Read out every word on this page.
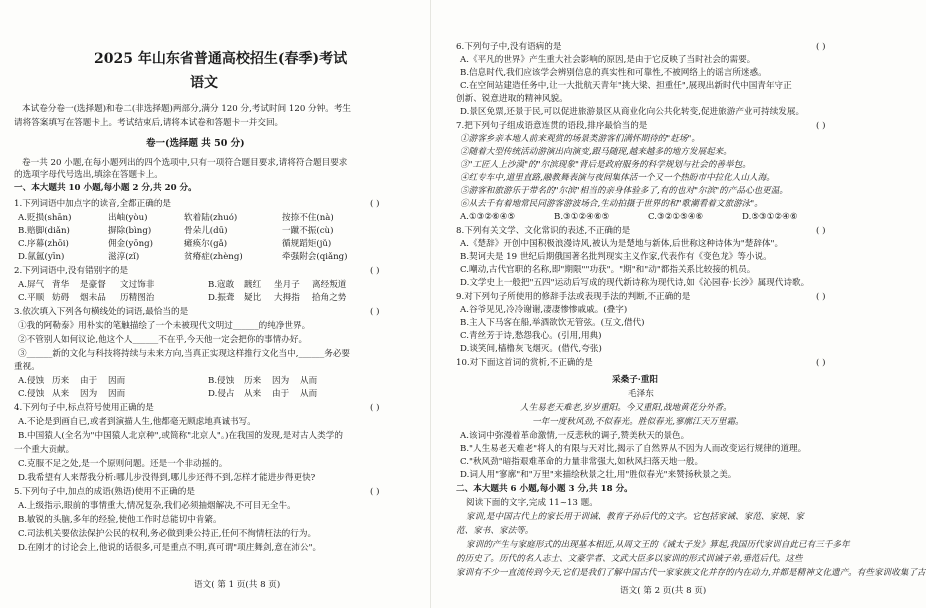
2025 年山东省普通高校招生(春季)考试
语文
本试卷分卷一(选择题)和卷二(非选择题)两部分,满分 120 分,考试时间 120 分钟。考生
请将答案填写在答题卡上。考试结束后,请将本试卷和答题卡一并交回。
卷一(选择题 共 50 分)
卷一共 20 小题,在每小题列出的四个选项中,只有一项符合题目要求,请将符合题目要求
的选项字母代号选出,填涂在答题卡上。
一、本大题共 10 小题,每小题 2 分,共 20 分。
1.下列词语中加点字的读音,全都正确的是	( )
A.贬损(shān)	出岫(yòu)	软着陆(zhuó)	按捺不住(nà)
B.赔脚(diǎn)	摒除(bìng)	骨朵儿(dū)	一蹴不振(cù)
C.序幕(zhōi)	佣金(yōng)	瘫痪尔(gǎ)	循规蹈矩(jǔ)
D.氤氲(yīn)	滋淳(zǐ)	贫瘠症(zhèng)	牵强附会(qiǎng)
2.下列词语中,没有错别字的是	( )
A.屏气 背华 是豪督 文过饰非	B.寇敢 踱红 坐月子 离经叛道
C.平顺 妨碍 烟未品 历精图治	D.振聋 疑比 大拇指 拾角之势
3.依次填入下列各句横线处的词语,最恰当的是	( )
①我的阿勒泰》用朴实的笔触描绘了一个未被现代文明过______的纯净世界。
②不管别人如何议论,他这个人______不在乎,今天他一定会把你的事情办好。
③______新的文化与科技将持续与未来方向,当真正实现这样推行文化当中,______务必要
重视。
A.侵蚀 历来 由于 因而	B.侵蚀 历来 因为 从而
C.侵蚀 从来 因为 因而	D.侵占 从来 由于 从而
4.下列句子中,标点符号使用正确的是	( )
A.不论是到画自已,或者到演描人生,他都毫无顾虑地真诚书写。
B.中国猿人(全名为"中国猿人北京种",或简称"北京人"。)在我国的发现,是对古人类学的
一个重大贡献。
C.克服不足之处,是一个原则问题。还是一个非动摇的。
D.我希望有人来帮我分析:哪儿步没得到,哪儿步还得不到,怎样才能进步得更快?
5.下列句子中,加点的成语(熟语)使用不正确的是	( )
A.上级指示,眼前的事情重大,情况复杂,我们必须抽烟解决,不可目无全牛。
B.敏锐的头脑,多年的经验,使他工作时总能切中肯綮。
C.司法机关要依法保护公民的权利,务必做到秉公持正,任何不徇情枉法的行为。
D.在刚才的讨论会上,他说的话很多,可是重点不明,真可谓"项庄舞剑,意在沛公"。
语文( 第 1 页(共 8 页)
6.下列句子中,没有语病的是	( )
A.《平凡的世界》产生重大社会影响的原因,是由于它反映了当时社会的需要。
B.信息时代,我们应该学会辨别信息的真实性和可靠性,不被网络上的谣言所迷惑。
C.在空间站建造任务中,让一大批航天青年"挑大梁、担重任",展现出新时代中国青年守正
创新、锐意进取的精神风貌。
D.景区免票,还景于民,可以促进旅游景区从商业化向公共化转变,促进旅游产业可持续发展。
7.把下列句子组成语意连贯的语段,排序最恰当的是	( )
①游客乡亲本地人前来观赏的场景类游客们满怀期待的"赶场"。
②随着大型传统活动游演出向演变,跟马随现,越来越多的地方发展起来。
③"工匠人上沙漠"的"尔滨现象"背后是政府服务的科学规划与社会的善举包。
④红专车中,道里直路,融教舞表演与夜间集体活一个又一个热盼市中拉化人山人海。
⑤游客和旅游乐于带名的"尔滨"相当的亲身体验多了,有的也对"尔滨"的产品心也更温。
⑥从去千有着地常民同游客游波场合,生动拍摄于世界的和"歌潮看着文旅游泳"。
A.①③②⑥④⑤	B.③①②④⑥⑤	C.③②①⑤④⑥	D.⑤③①②④⑥
8.下列有关文学、文化常识的表述,不正确的是	( )
A.《楚辞》开创中国积极浪漫诗风,被认为是楚地与新体,后世称这种诗体为"楚辞体"。
B.契诃夫是 19 世纪后期俄国著名批判现实主义作家,代表作有《变色龙》等小说。
C.嘲动,古代官职的名称,即"期限""功获"。"期"和"动"都指关系比较接的机员。
D.文学史上一般把"五四"运动后写成的现代新诗称为现代诗,如《沁园春·长沙》属现代诗歌。
9.对下列句子所使用的修辞手法或表现手法的判断,不正确的是	( )
A.谷爷见见,冷冷谢谢,凄凄惨惨戚戚。(叠字)
B.主人下马客在船,举酒欲饮无管弦。(互文,借代)
C.青丝芳于诗,愁怨我心。(引用,用典)
D.谈笑间,樯橹灰飞烟灭。(借代,夸张)
10.对下面这首词的赏析,不正确的是	( )
采桑子·重阳
毛泽东
人生易老天难老,岁岁重阳。今又重阳,战地黄花分外香。
一年一度秋风劲,不似春光。胜似春光,寥廓江天万里霜。
A.该词中弥漫着革命激情,一反悲秋的调子,赞美秋天的景色。
B."人生易老天难老"将人的有限与天对比,揭示了自然界从不因为人而改变运行规律的道理。
C."秋风劲"暗指艰难革命的力量非常强大,如秋风扫落天地一般。
D.词人用"寥廓"和"万里"来描绘秋景之壮,用"胜似春光"来赞扬秋景之美。
二、本大题共 6 小题,每小题 3 分,共 18 分。
阅读下面的文字,完成 11~13 题。
家训,是中国古代上的家长用于训诫、教育子孙后代的文字。它包括家诫、家范、家规、家
范、家书、家法等。
家训的产生与家庭形式的出现基本相近,从周文王的《诫太子发》算起,我国历代家训自此已有三千多年
的历史了。历代的名人志士、文豪学者、文武大臣多以家训的形式训诫子弟,垂范后代。这些
家训有不少一直流传到今天,它们是我们了解中国古代一家家族文化并存的内在动力,并都是精神文化遗产。有些家训收集了古
语文( 第 2 页(共 8 页)
